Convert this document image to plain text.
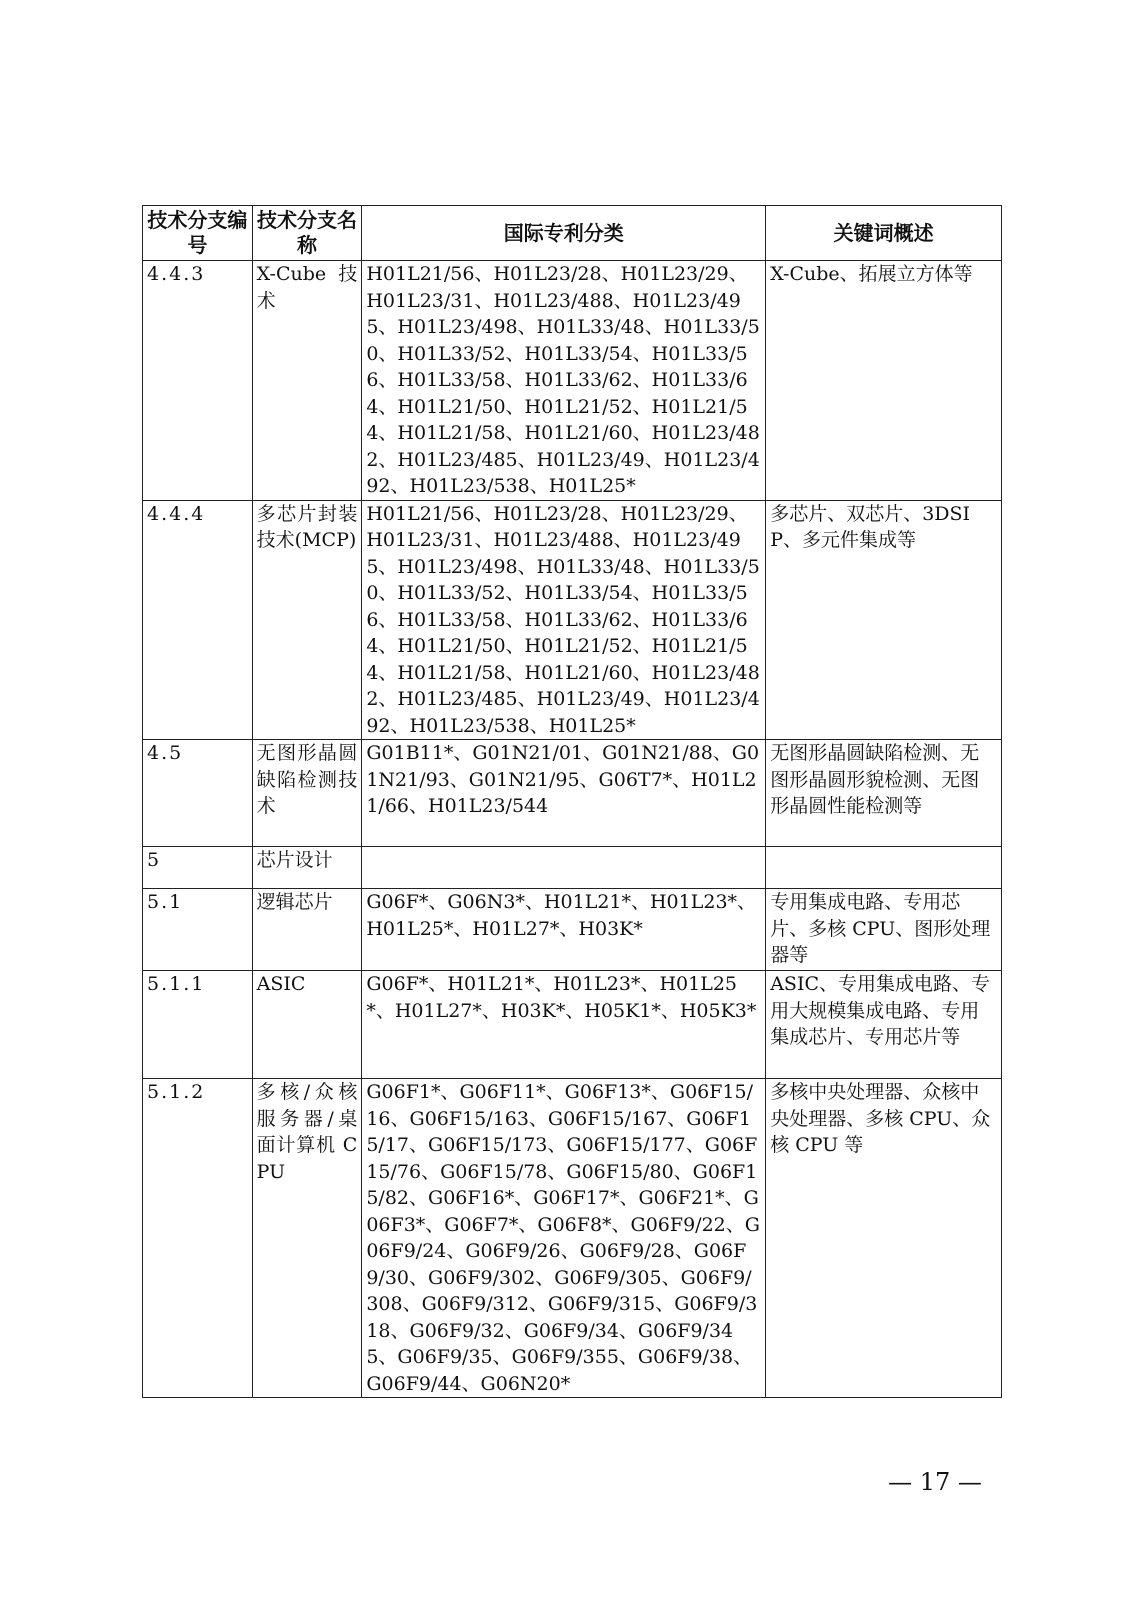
技术分支编号	技术分支名称	国际专利分类	关键词概述
4.4.3	X-Cube 技术	H01L21/56、H01L23/28、H01L23/29、H01L23/31、H01L23/488、H01L23/495、H01L23/498、H01L33/48、H01L33/50、H01L33/52、H01L33/54、H01L33/56、H01L33/58、H01L33/62、H01L33/64、H01L21/50、H01L21/52、H01L21/54、H01L21/58、H01L21/60、H01L23/482、H01L23/485、H01L23/49、H01L23/492、H01L23/538、H01L25*	X-Cube、拓展立方体等
4.4.4	多芯片封装技术(MCP)	H01L21/56、H01L23/28、H01L23/29、H01L23/31、H01L23/488、H01L23/495、H01L23/498、H01L33/48、H01L33/50、H01L33/52、H01L33/54、H01L33/56、H01L33/58、H01L33/62、H01L33/64、H01L21/50、H01L21/52、H01L21/54、H01L21/58、H01L21/60、H01L23/482、H01L23/485、H01L23/49、H01L23/492、H01L23/538、H01L25*	多芯片、双芯片、3DSIP、多元件集成等
4.5	无图形晶圆缺陷检测技术	G01B11*、G01N21/01、G01N21/88、G01N21/93、G01N21/95、G06T7*、H01L21/66、H01L23/544	无图形晶圆缺陷检测、无图形晶圆形貌检测、无图形晶圆性能检测等
5	芯片设计		
5.1	逻辑芯片	G06F*、G06N3*、H01L21*、H01L23*、H01L25*、H01L27*、H03K*	专用集成电路、专用芯片、多核 CPU、图形处理器等
5.1.1	ASIC	G06F*、H01L21*、H01L23*、H01L25*、H01L27*、H03K*、H05K1*、H05K3*	ASIC、专用集成电路、专用大规模集成电路、专用集成芯片、专用芯片等
5.1.2	多核/众核服务器/桌面计算机 CPU	G06F1*、G06F11*、G06F13*、G06F15/16、G06F15/163、G06F15/167、G06F15/17、G06F15/173、G06F15/177、G06F15/76、G06F15/78、G06F15/80、G06F15/82、G06F16*、G06F17*、G06F21*、G06F3*、G06F7*、G06F8*、G06F9/22、G06F9/24、G06F9/26、G06F9/28、G06F9/30、G06F9/302、G06F9/305、G06F9/308、G06F9/312、G06F9/315、G06F9/318、G06F9/32、G06F9/34、G06F9/345、G06F9/35、G06F9/355、G06F9/38、G06F9/44、G06N20*	多核中央处理器、众核中央处理器、多核 CPU、众核 CPU 等
— 17 —
